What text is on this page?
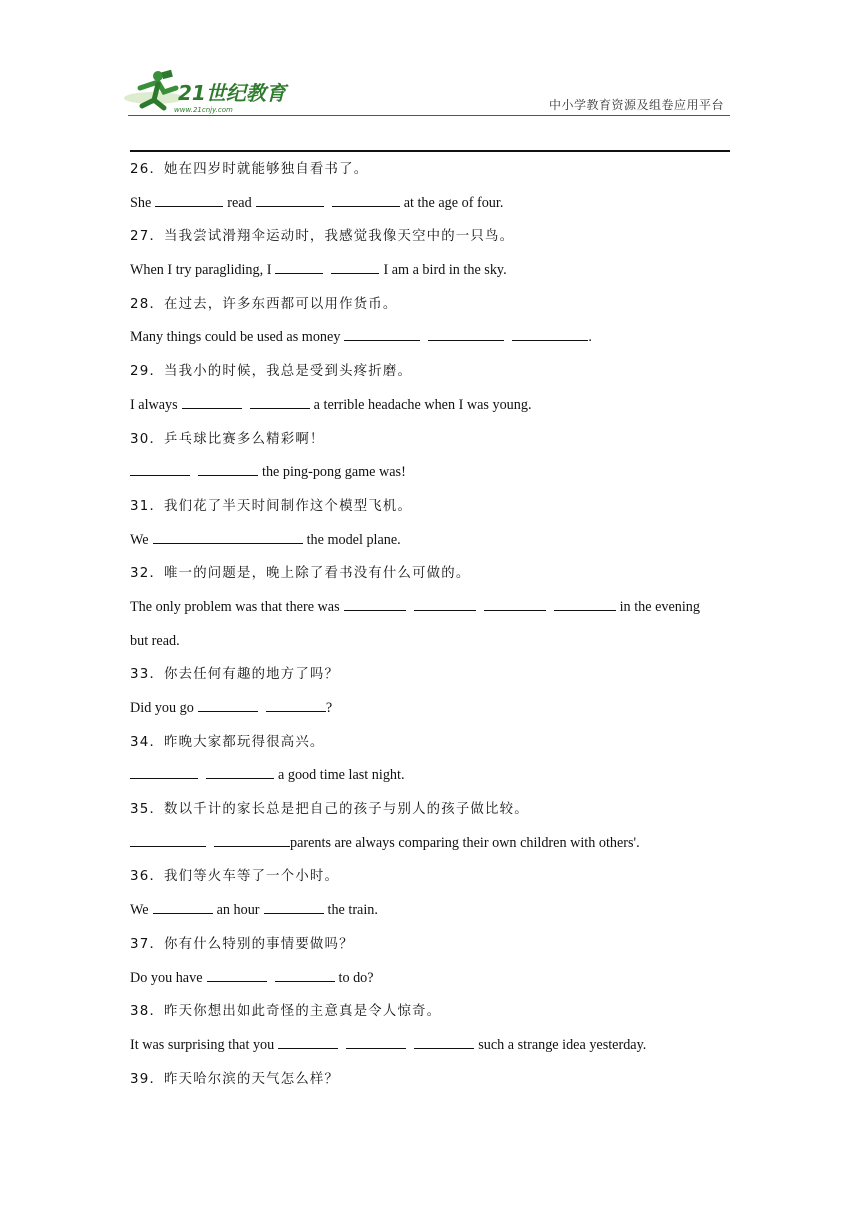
21世纪教育
www.21cnjy.com	中小学教育资源及组卷应用平台
26．她在四岁时就能够独自看书了。
She	read	at the age of four.
27．当我尝试滑翔伞运动时，我感觉我像天空中的一只鸟。
When I try paragliding, I	I am a bird in the sky.
28．在过去，许多东西都可以用作货币。
Many things could be used as money	.
29．当我小的时候，我总是受到头疼折磨。
I always	a terrible headache when I was young.
30．乒乓球比赛多么精彩啊！
the ping-pong game was!
31．我们花了半天时间制作这个模型飞机。
We	the model plane.
32．唯一的问题是，晚上除了看书没有什么可做的。
The only problem was that there was	in the evening
but read.
33．你去任何有趣的地方了吗？
Did you go	?
34．昨晚大家都玩得很高兴。
a good time last night.
35．数以千计的家长总是把自己的孩子与别人的孩子做比较。
parents are always comparing their own children with others'.
36．我们等火车等了一个小时。
We	an hour	the train.
37．你有什么特别的事情要做吗？
Do you have	to do?
38．昨天你想出如此奇怪的主意真是令人惊奇。
It was surprising that you	such a strange idea yesterday.
39．昨天哈尔滨的天气怎么样？
